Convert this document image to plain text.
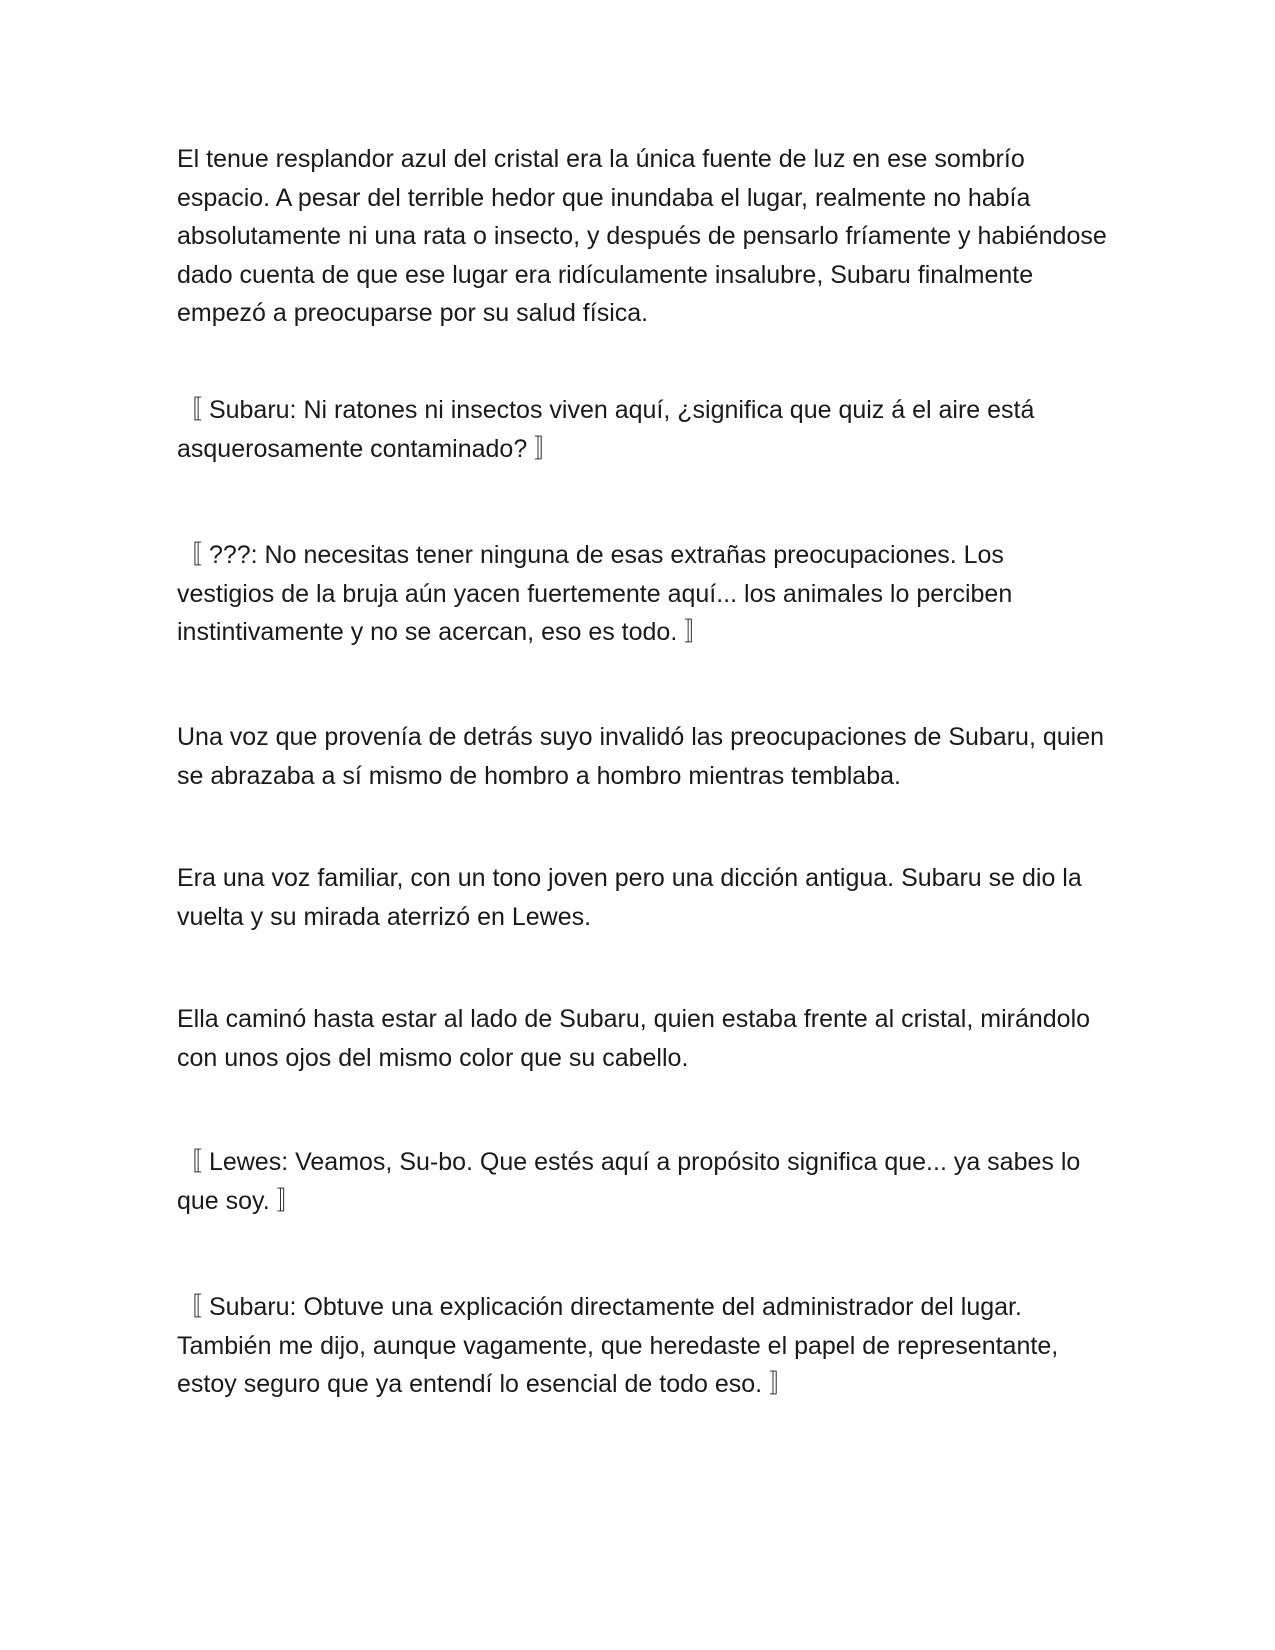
El tenue resplandor azul del cristal era la única fuente de luz en ese sombrío espacio. A pesar del terrible hedor que inundaba el lugar, realmente no había absolutamente ni una rata o insecto, y después de pensarlo fríamente y habiéndose dado cuenta de que ese lugar era ridículamente insalubre, Subaru finalmente empezó a preocuparse por su salud física.

〚 Subaru: Ni ratones ni insectos viven aquí, ¿significa que quiz á el aire está asquerosamente contaminado? 〛

〚 ???: No necesitas tener ninguna de esas extrañas preocupaciones. Los vestigios de la bruja aún yacen fuertemente aquí... los animales lo perciben instintivamente y no se acercan, eso es todo. 〛

Una voz que provenía de detrás suyo invalidó las preocupaciones de Subaru, quien se abrazaba a sí mismo de hombro a hombro mientras temblaba.

Era una voz familiar, con un tono joven pero una dicción antigua. Subaru se dio la vuelta y su mirada aterrizó en Lewes.

Ella caminó hasta estar al lado de Subaru, quien estaba frente al cristal, mirándolo con unos ojos del mismo color que su cabello.

〚 Lewes: Veamos, Su-bo. Que estés aquí a propósito significa que... ya sabes lo que soy. 〛

〚 Subaru: Obtuve una explicación directamente del administrador del lugar. También me dijo, aunque vagamente, que heredaste el papel de representante, estoy seguro que ya entendí lo esencial de todo eso. 〛
